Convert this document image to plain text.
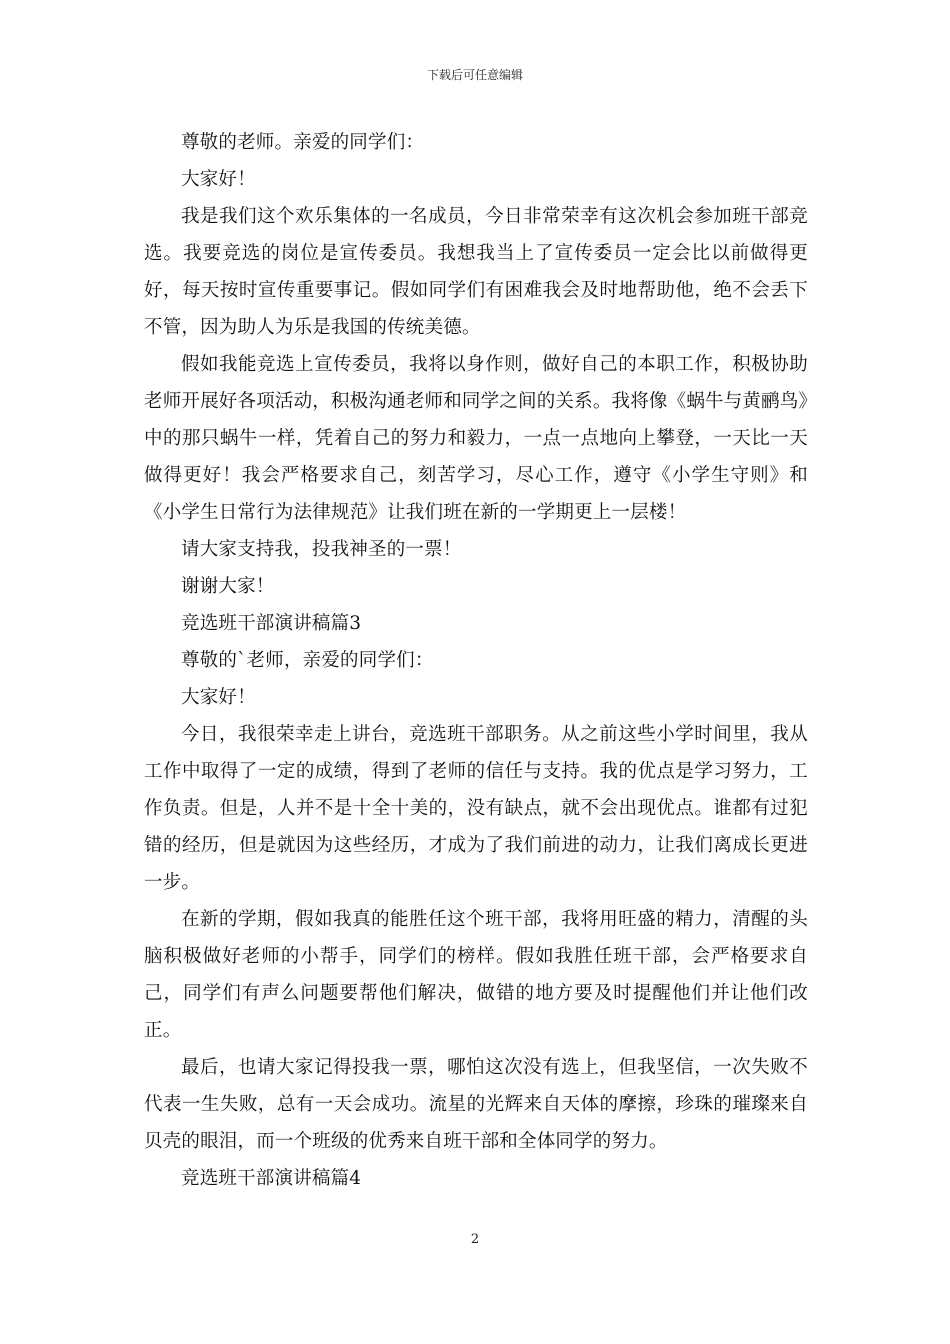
下载后可任意编辑

尊敬的老师。亲爱的同学们：

大家好！

我是我们这个欢乐集体的一名成员，今日非常荣幸有这次机会参加班干部竞选。我要竞选的岗位是宣传委员。我想我当上了宣传委员一定会比以前做得更好，每天按时宣传重要事记。假如同学们有困难我会及时地帮助他，绝不会丢下不管，因为助人为乐是我国的传统美德。

假如我能竞选上宣传委员，我将以身作则，做好自己的本职工作，积极协助老师开展好各项活动，积极沟通老师和同学之间的关系。我将像《蜗牛与黄鹂鸟》中的那只蜗牛一样，凭着自己的努力和毅力，一点一点地向上攀登，一天比一天做得更好！我会严格要求自己，刻苦学习，尽心工作，遵守《小学生守则》和《小学生日常行为法律规范》让我们班在新的一学期更上一层楼！

请大家支持我，投我神圣的一票！

谢谢大家！

竞选班干部演讲稿篇3

尊敬的`老师，亲爱的同学们：

大家好！

今日，我很荣幸走上讲台，竞选班干部职务。从之前这些小学时间里，我从工作中取得了一定的成绩，得到了老师的信任与支持。我的优点是学习努力，工作负责。但是，人并不是十全十美的，没有缺点，就不会出现优点。谁都有过犯错的经历，但是就因为这些经历，才成为了我们前进的动力，让我们离成长更进一步。

在新的学期，假如我真的能胜任这个班干部，我将用旺盛的精力，清醒的头脑积极做好老师的小帮手，同学们的榜样。假如我胜任班干部，会严格要求自己，同学们有声么问题要帮他们解决，做错的地方要及时提醒他们并让他们改正。

最后，也请大家记得投我一票，哪怕这次没有选上，但我坚信，一次失败不代表一生失败，总有一天会成功。流星的光辉来自天体的摩擦，珍珠的璀璨来自贝壳的眼泪，而一个班级的优秀来自班干部和全体同学的努力。

竞选班干部演讲稿篇4

2
